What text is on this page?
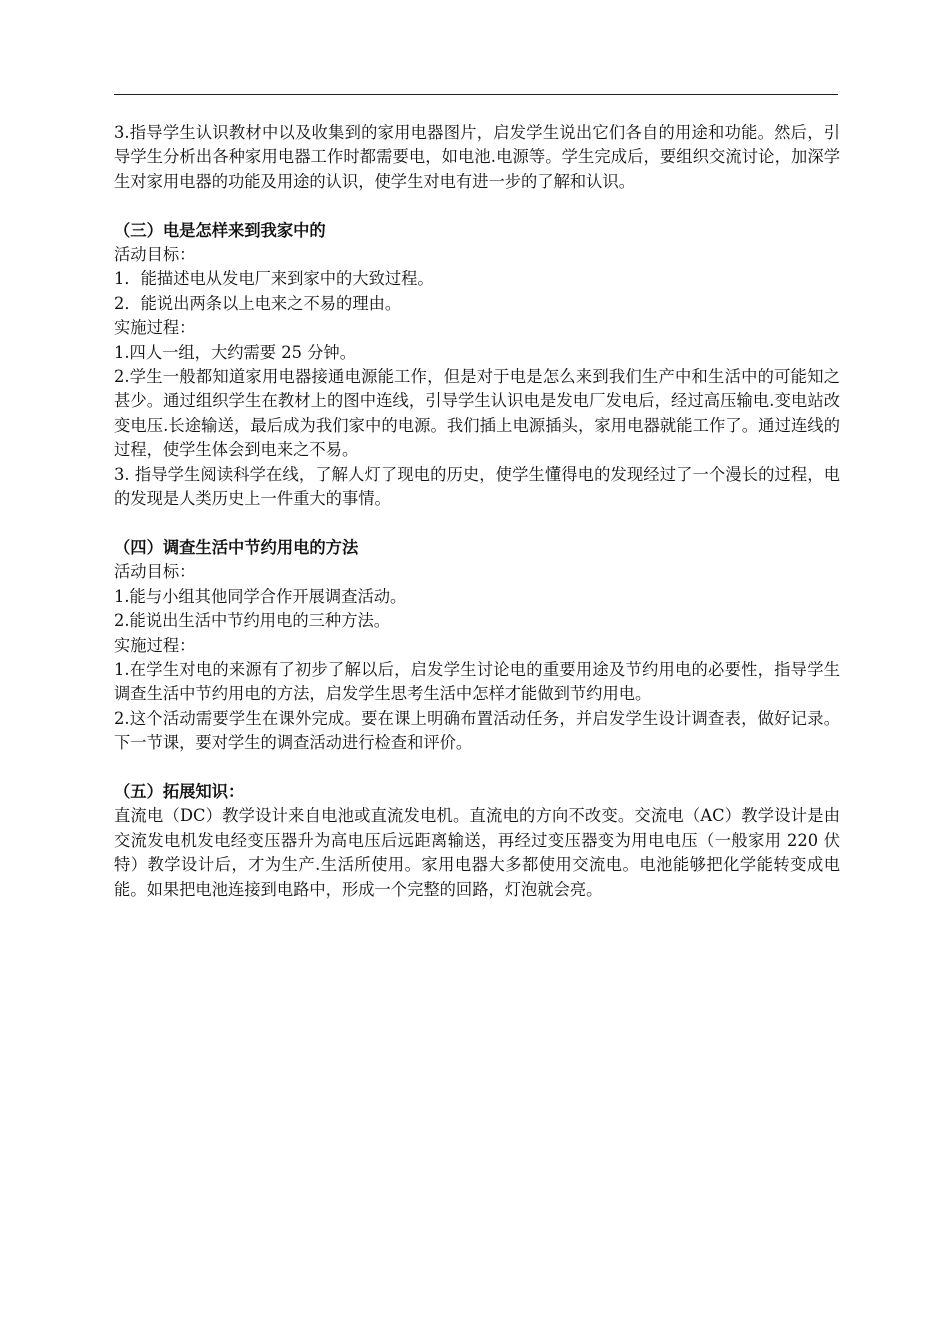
3.指导学生认识教材中以及收集到的家用电器图片，启发学生说出它们各自的用途和功能。然后，引导学生分析出各种家用电器工作时都需要电，如电池.电源等。学生完成后，要组织交流讨论，加深学生对家用电器的功能及用途的认识，使学生对电有进一步的了解和认识。

（三）电是怎样来到我家中的

活动目标：

1．能描述电从发电厂来到家中的大致过程。

2．能说出两条以上电来之不易的理由。

实施过程：

1.四人一组，大约需要 25 分钟。

2.学生一般都知道家用电器接通电源能工作，但是对于电是怎么来到我们生产中和生活中的可能知之甚少。通过组织学生在教材上的图中连线，引导学生认识电是发电厂发电后，经过高压输电.变电站改变电压.长途输送，最后成为我们家中的电源。我们插上电源插头，家用电器就能工作了。通过连线的过程，使学生体会到电来之不易。

3. 指导学生阅读科学在线，了解人灯了现电的历史，使学生懂得电的发现经过了一个漫长的过程，电的发现是人类历史上一件重大的事情。

（四）调查生活中节约用电的方法

活动目标：

1.能与小组其他同学合作开展调查活动。

2.能说出生活中节约用电的三种方法。

实施过程：

1.在学生对电的来源有了初步了解以后，启发学生讨论电的重要用途及节约用电的必要性，指导学生调查生活中节约用电的方法，启发学生思考生活中怎样才能做到节约用电。

2.这个活动需要学生在课外完成。要在课上明确布置活动任务，并启发学生设计调查表，做好记录。下一节课，要对学生的调查活动进行检查和评价。

（五）拓展知识：

直流电（DC）教学设计来自电池或直流发电机。直流电的方向不改变。交流电（AC）教学设计是由交流发电机发电经变压器升为高电压后远距离输送，再经过变压器变为用电电压（一般家用 220 伏特）教学设计后，才为生产.生活所使用。家用电器大多都使用交流电。电池能够把化学能转变成电能。如果把电池连接到电路中，形成一个完整的回路，灯泡就会亮。
